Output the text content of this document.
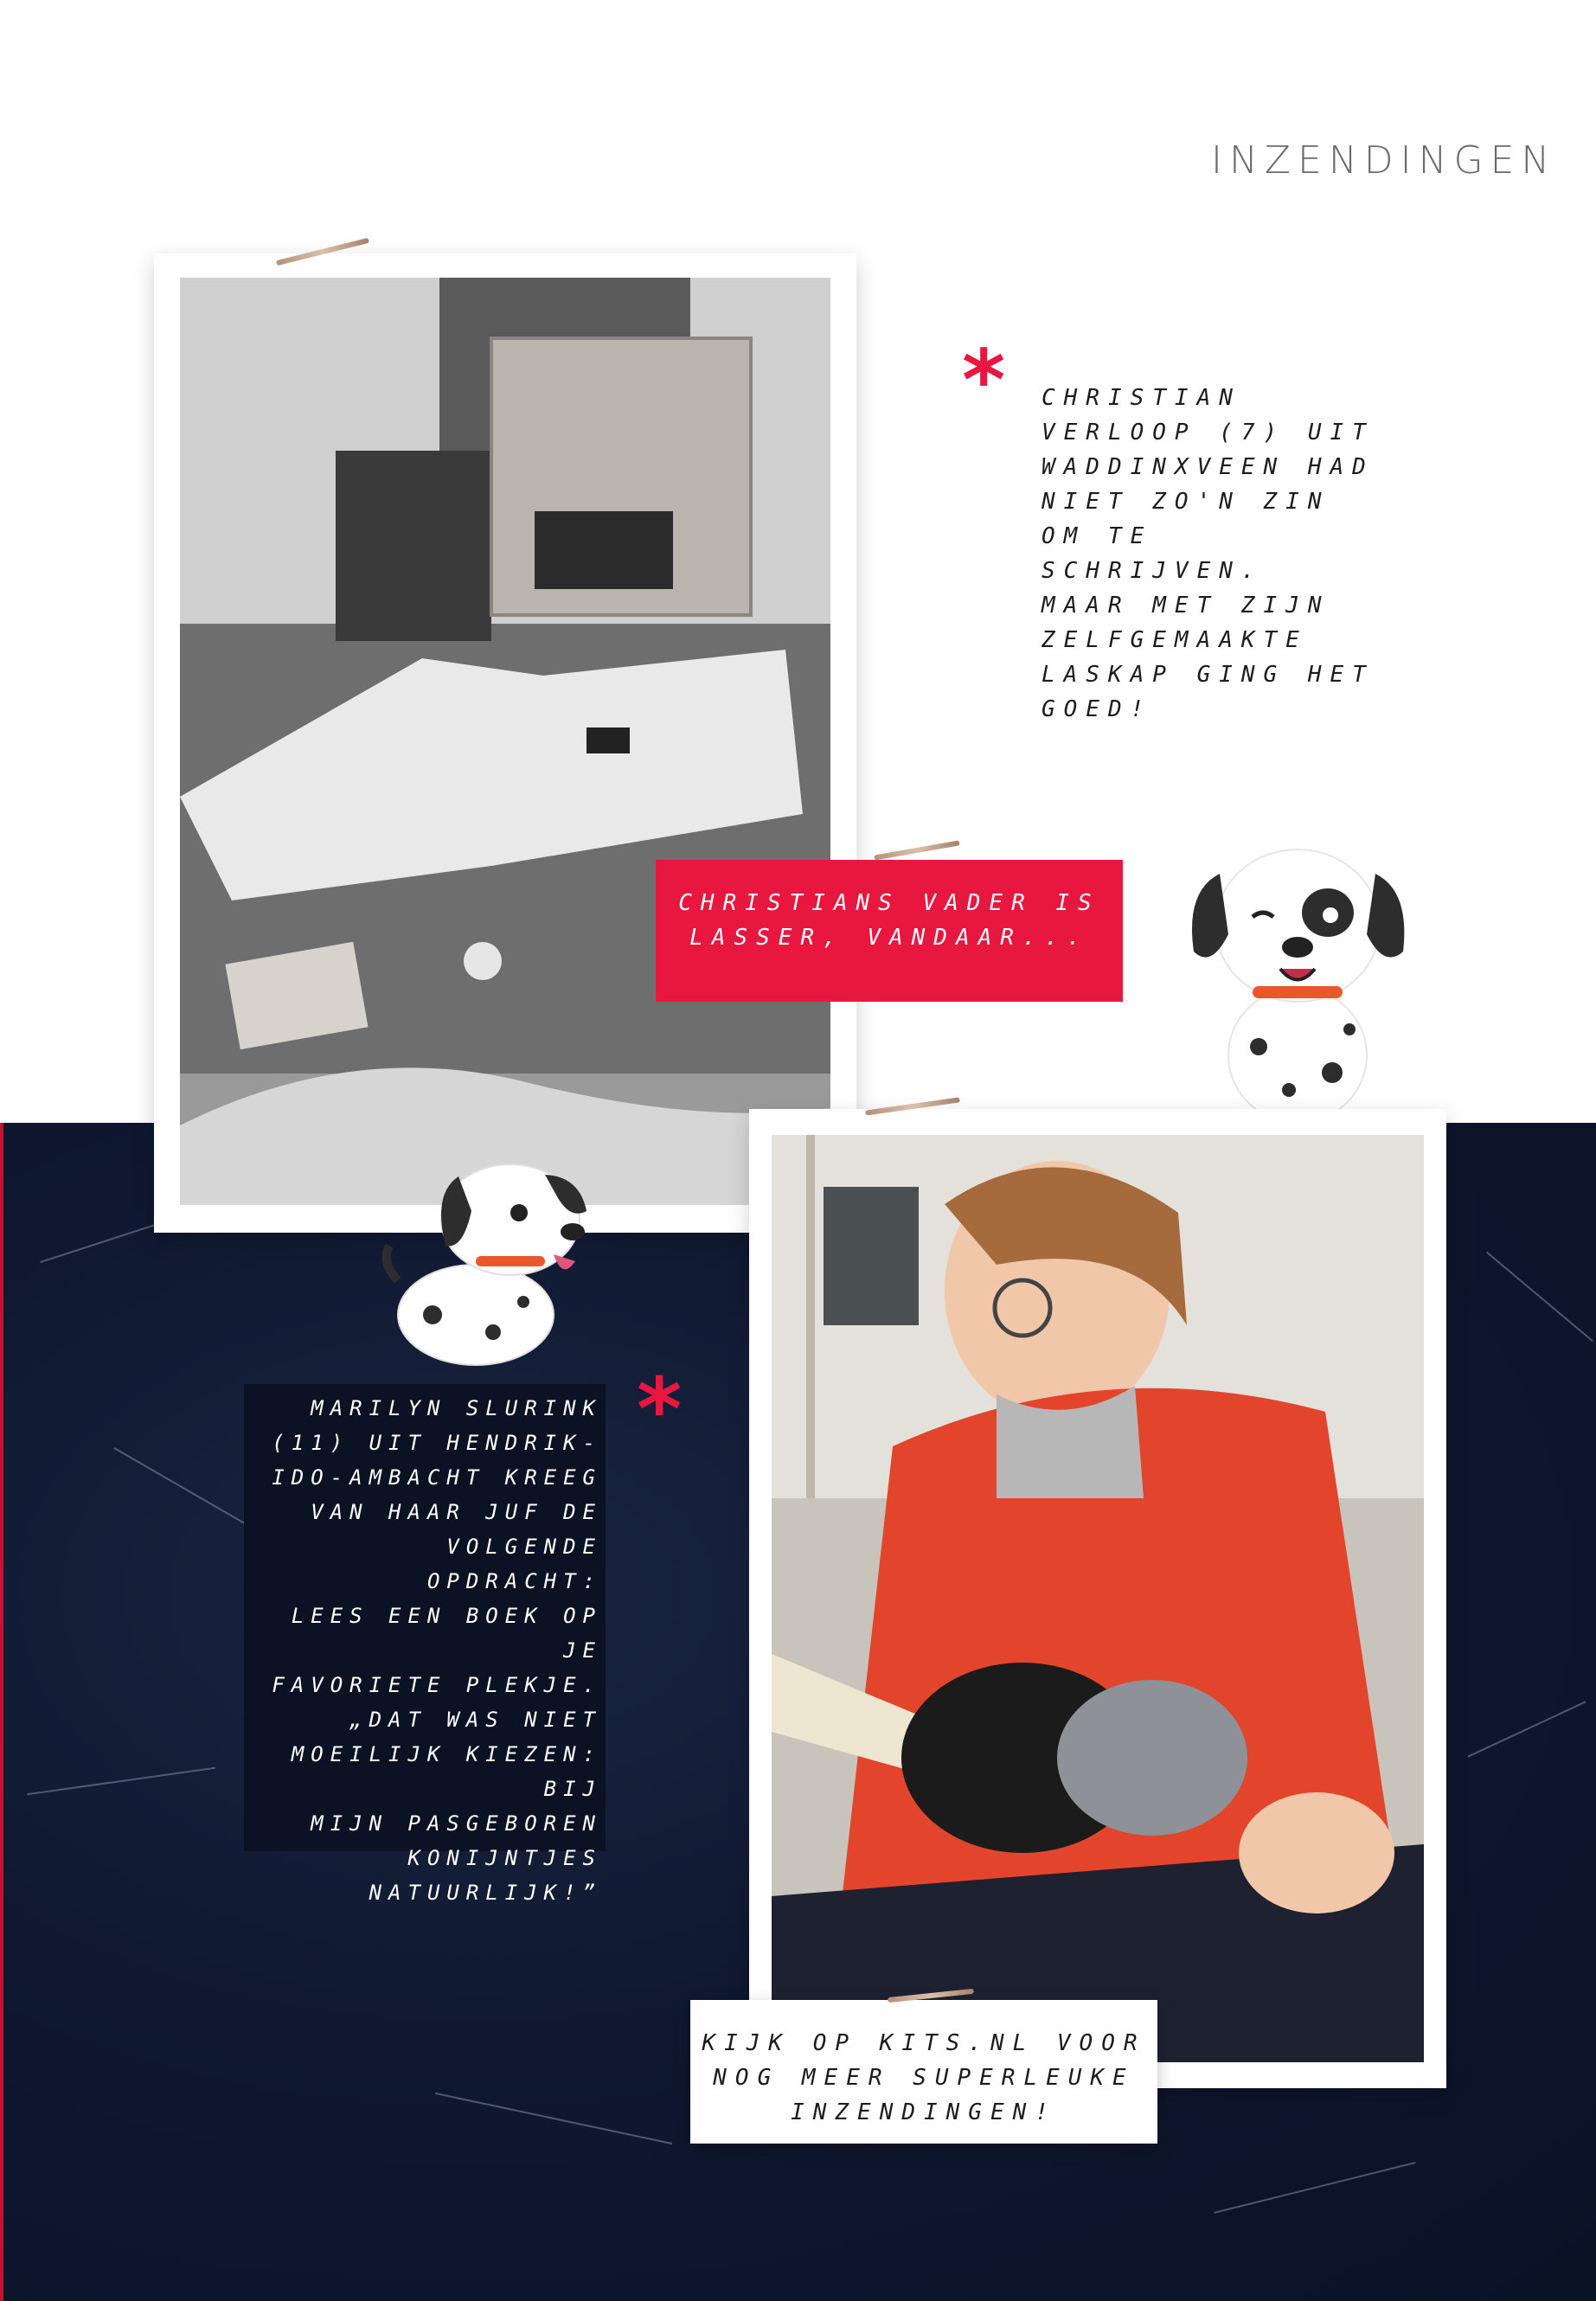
INZENDINGEN
* CHRISTIAN
VERLOOP (7) UIT
WADDINXVEEN HAD
NIET ZO'N ZIN
OM TE SCHRIJVEN.
MAAR MET ZIJN
ZELFGEMAAKTE
LASKAP GING HET
GOED!
CHRISTIANS VADER IS
LASSER, VANDAAR...
*
MARILYN SLURINK
(11) UIT HENDRIK-
IDO-AMBACHT KREEG
VAN HAAR JUF DE
VOLGENDE OPDRACHT:
LEES EEN BOEK OP JE
FAVORIETE PLEKJE.
„DAT WAS NIET
MOEILIJK KIEZEN: BIJ
MIJN PASGEBOREN
KONIJNTJES
NATUURLIJK!”
KIJK OP KITS.NL VOOR
NOG MEER SUPERLEUKE
INZENDINGEN!
